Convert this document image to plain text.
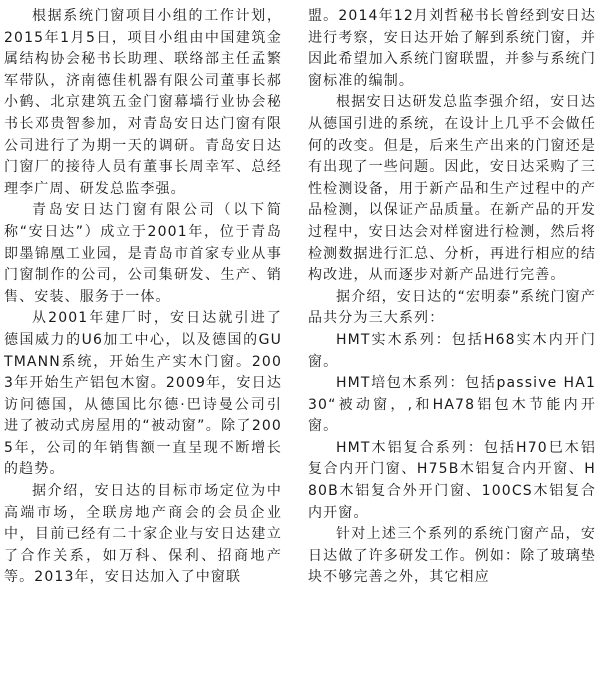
根据系统门窗项目小组的工作计划，2015年1月5日，项目小组由中国建筑金属结构协会秘书长助理、联络部主任孟繁军带队，济南德佳机器有限公司董事长郝小鹤、北京建筑五金门窗幕墙行业协会秘书长邓贵智参加，对青岛安日达门窗有限公司进行了为期一天的调研。青岛安日达门窗厂的接待人员有董事长周幸军、总经理李广周、研发总监李强。

青岛安日达门窗有限公司（以下简称“安日达”）成立于2001年，位于青岛即墨锦凰工业园，是青岛市首家专业从事门窗制作的公司，公司集研发、生产、销售、安装、服务于一体。

从2001年建厂时，安日达就引进了德国威力的U6加工中心，以及德国的GUTMANN系统，开始生产实木门窗。2003年开始生产铝包木窗。2009年，安日达访问德国，从德国比尔德·巴诗曼公司引进了被动式房屋用的“被动窗”。除了2005年，公司的年销售额一直呈现不断增长的趋势。

据介绍，安日达的目标市场定位为中高端市场，全联房地产商会的会员企业中，目前已经有二十家企业与安日达建立了合作关系，如万科、保利、招商地产等。2013年，安日达加入了中窗联

盟。2014年12月刘哲秘书长曾经到安日达进行考察，安日达开始了解到系统门窗，并因此希望加入系统门窗联盟，并参与系统门窗标准的编制。

根据安日达研发总监李强介绍，安日达从德国引进的系统，在设计上几乎不会做任何的改变。但是，后来生产出来的门窗还是有出现了一些问题。因此，安日达采购了三性检测设备，用于新产品和生产过程中的产品检测，以保证产品质量。在新产品的开发过程中，安日达会对样窗进行检测，然后将检测数据进行汇总、分析，再进行相应的结构改进，从而逐步对新产品进行完善。

据介绍，安日达的“宏明泰”系统门窗产品共分为三大系列：

HMT实木系列：包括H68实木内开门窗。

HMT培包木系列：包括passive HA130“被动窗，,和HA78铝包木节能内开窗。

HMT木铝复合系列：包括H70巳木铝复合内开门窗、H75B木铝复合内开窗、H80B木铝复合外开门窗、100CS木铝复合内开窗。

针对上述三个系列的系统门窗产品，安日达做了许多研发工作。例如：除了玻璃垫块不够完善之外，其它相应
